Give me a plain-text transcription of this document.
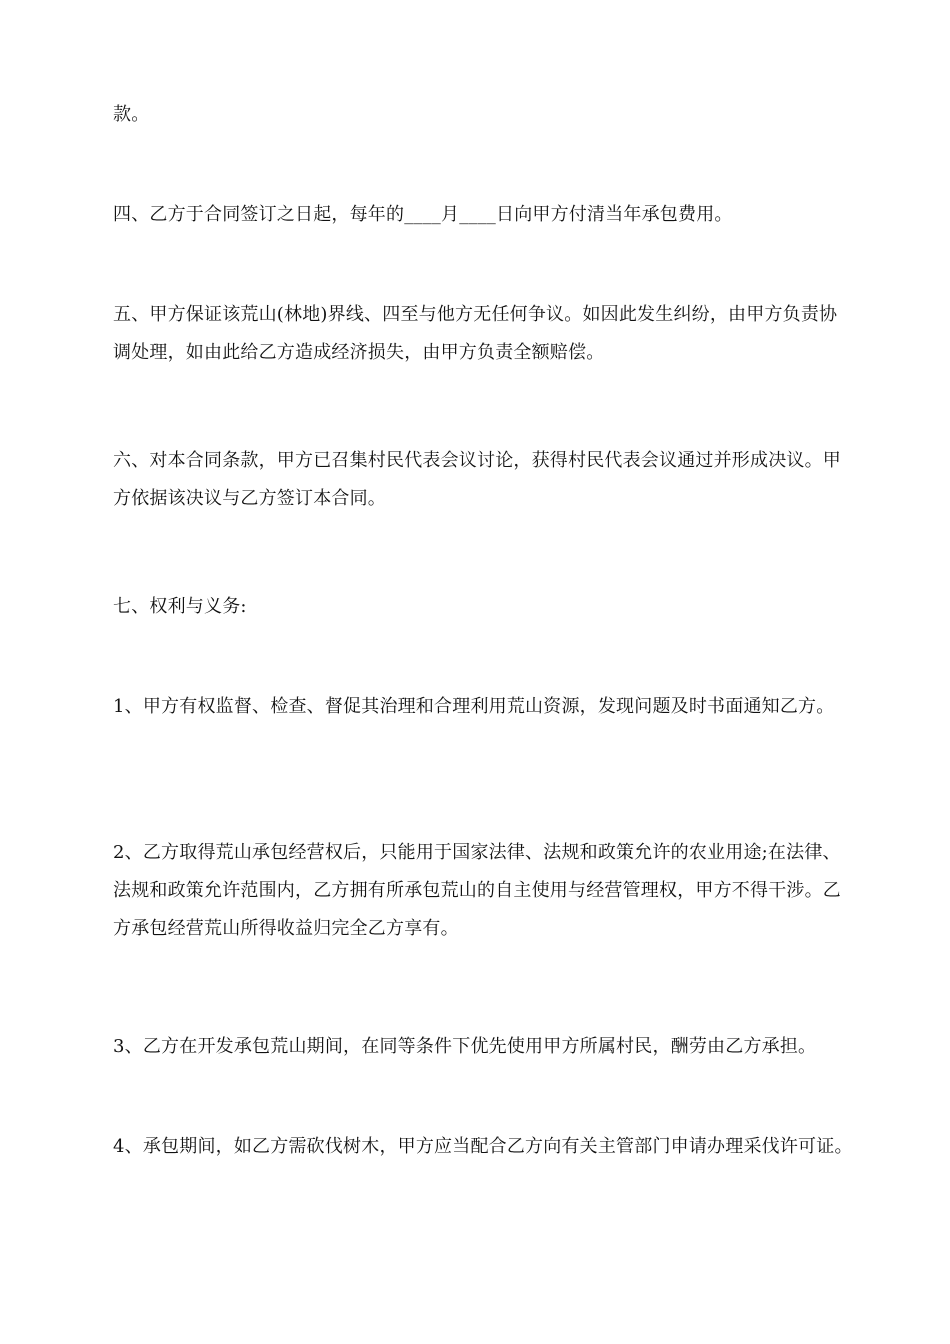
款。

四、乙方于合同签订之日起，每年的____月____日向甲方付清当年承包费用。

五、甲方保证该荒山(林地)界线、四至与他方无任何争议。如因此发生纠纷，由甲方负责协调处理，如由此给乙方造成经济损失，由甲方负责全额赔偿。

六、对本合同条款，甲方已召集村民代表会议讨论，获得村民代表会议通过并形成决议。甲方依据该决议与乙方签订本合同。

七、权利与义务:

1、甲方有权监督、检查、督促其治理和合理利用荒山资源，发现问题及时书面通知乙方。

2、乙方取得荒山承包经营权后，只能用于国家法律、法规和政策允许的农业用途;在法律、法规和政策允许范围内，乙方拥有所承包荒山的自主使用与经营管理权，甲方不得干涉。乙方承包经营荒山所得收益归完全乙方享有。

3、乙方在开发承包荒山期间，在同等条件下优先使用甲方所属村民，酬劳由乙方承担。

4、承包期间，如乙方需砍伐树木，甲方应当配合乙方向有关主管部门申请办理采伐许可证。
